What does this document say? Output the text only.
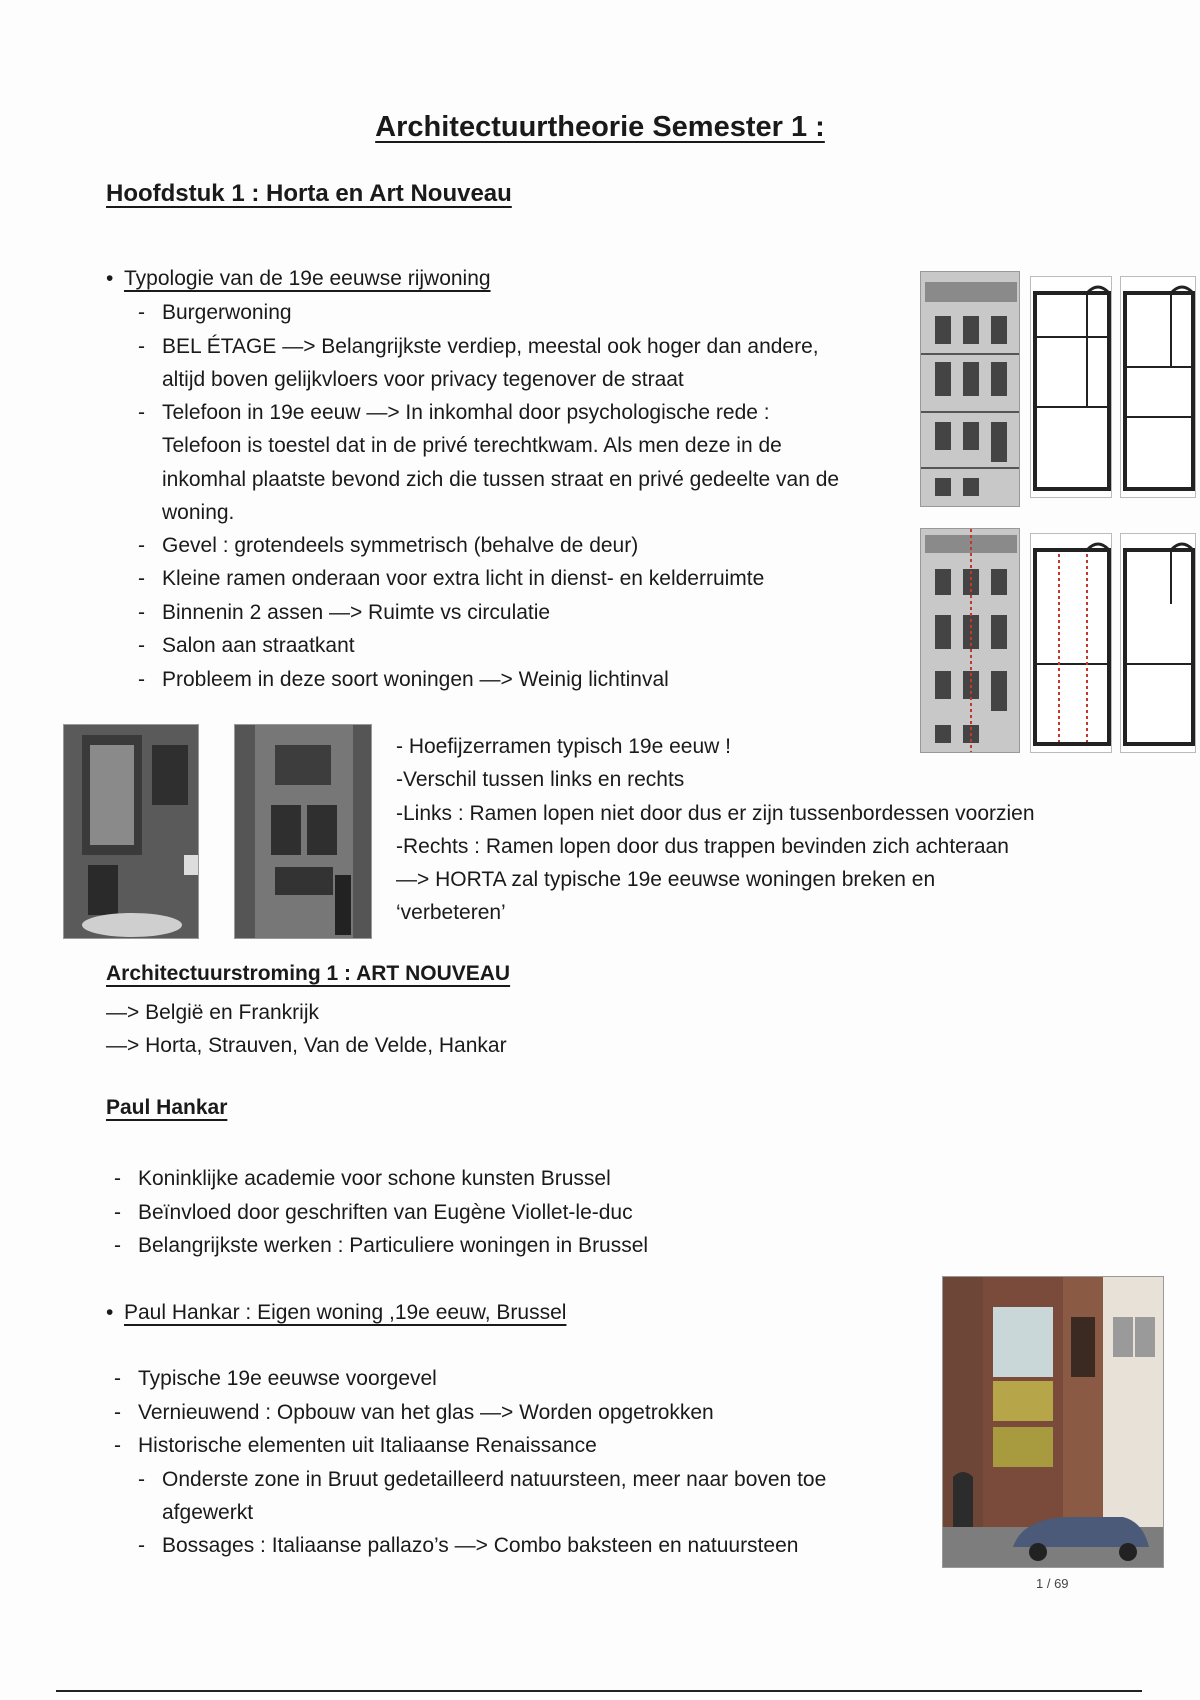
Architectuurtheorie Semester 1 :
Hoofdstuk 1 : Horta en Art Nouveau
• Typologie van de 19e eeuwse rijwoning
- Burgerwoning
- BEL ÉTAGE —> Belangrijkste verdiep, meestal ook hoger dan andere,
altijd boven gelijkvloers voor privacy tegenover de straat
- Telefoon in 19e eeuw —> In inkomhal door psychologische rede :
Telefoon is toestel dat in de privé terechtkwam. Als men deze in de
inkomhal plaatste bevond zich die tussen straat en privé gedeelte van de
woning.
- Gevel : grotendeels symmetrisch (behalve de deur)
- Kleine ramen onderaan voor extra licht in dienst- en kelderruimte
- Binnenin 2 assen —> Ruimte vs circulatie
- Salon aan straatkant
- Probleem in deze soort woningen —> Weinig lichtinval
- Hoefijzerramen typisch 19e eeuw !
-Verschil tussen links en rechts
-Links : Ramen lopen niet door dus er zijn tussenbordessen voorzien
-Rechts : Ramen lopen door dus trappen bevinden zich achteraan
—> HORTA zal typische 19e eeuwse woningen breken en
‘verbeteren’
Architectuurstroming 1 : ART NOUVEAU
—> België en Frankrijk
—> Horta, Strauven, Van de Velde, Hankar
Paul Hankar
- Koninklijke academie voor schone kunsten Brussel
- Beïnvloed door geschriften van Eugène Viollet-le-duc
- Belangrijkste werken : Particuliere woningen in Brussel
• Paul Hankar : Eigen woning ,19e eeuw, Brussel
- Typische 19e eeuwse voorgevel
- Vernieuwend : Opbouw van het glas —> Worden opgetrokken
- Historische elementen uit Italiaanse Renaissance
- Onderste zone in Bruut gedetailleerd natuursteen, meer naar boven toe
afgewerkt
- Bossages : Italiaanse pallazo’s —> Combo baksteen en natuursteen
1 / 69
